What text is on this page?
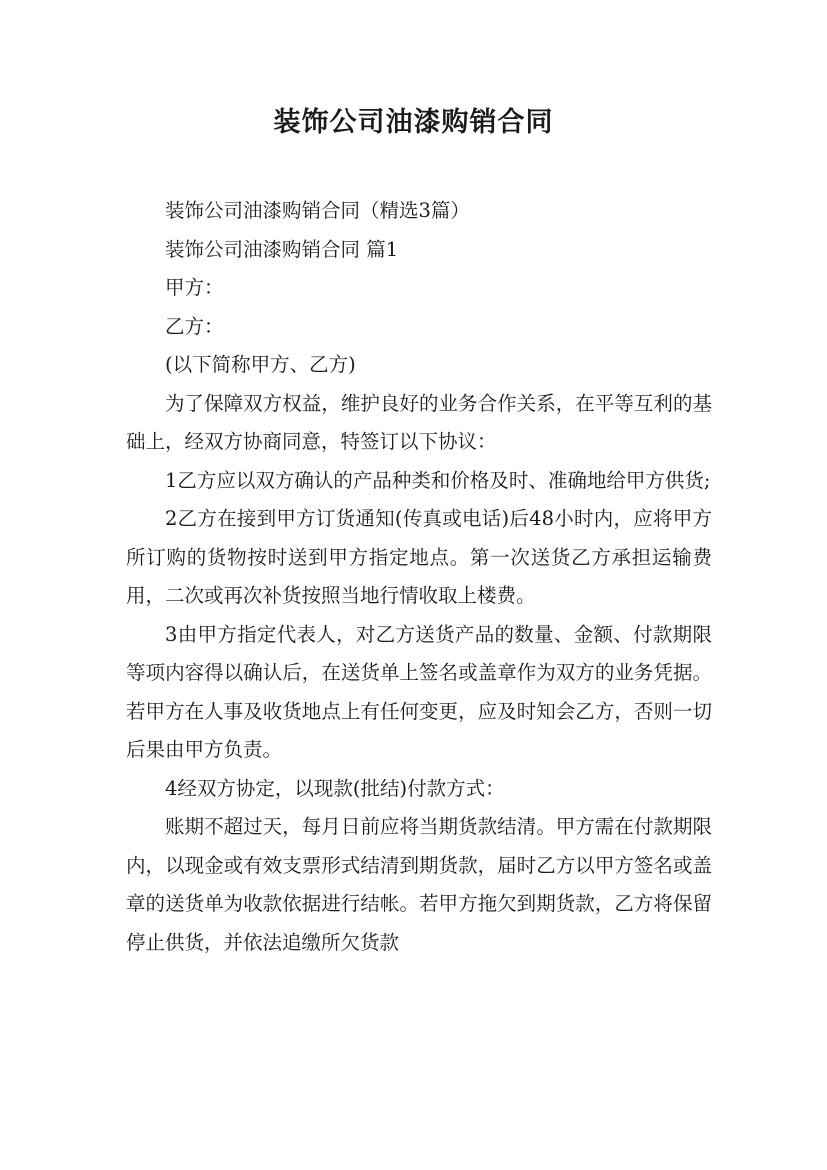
装饰公司油漆购销合同

装饰公司油漆购销合同（精选3篇）

装饰公司油漆购销合同 篇1

甲方：

乙方：

(以下简称甲方、乙方)

为了保障双方权益，维护良好的业务合作关系，在平等互利的基础上，经双方协商同意，特签订以下协议：

1乙方应以双方确认的产品种类和价格及时、准确地给甲方供货;

2乙方在接到甲方订货通知(传真或电话)后48小时内，应将甲方所订购的货物按时送到甲方指定地点。第一次送货乙方承担运输费用，二次或再次补货按照当地行情收取上楼费。

3由甲方指定代表人，对乙方送货产品的数量、金额、付款期限等项内容得以确认后，在送货单上签名或盖章作为双方的业务凭据。若甲方在人事及收货地点上有任何变更，应及时知会乙方，否则一切后果由甲方负责。

4经双方协定，以现款(批结)付款方式：

账期不超过天，每月日前应将当期货款结清。甲方需在付款期限内，以现金或有效支票形式结清到期货款，届时乙方以甲方签名或盖章的送货单为收款依据进行结帐。若甲方拖欠到期货款，乙方将保留停止供货，并依法追缴所欠货款
